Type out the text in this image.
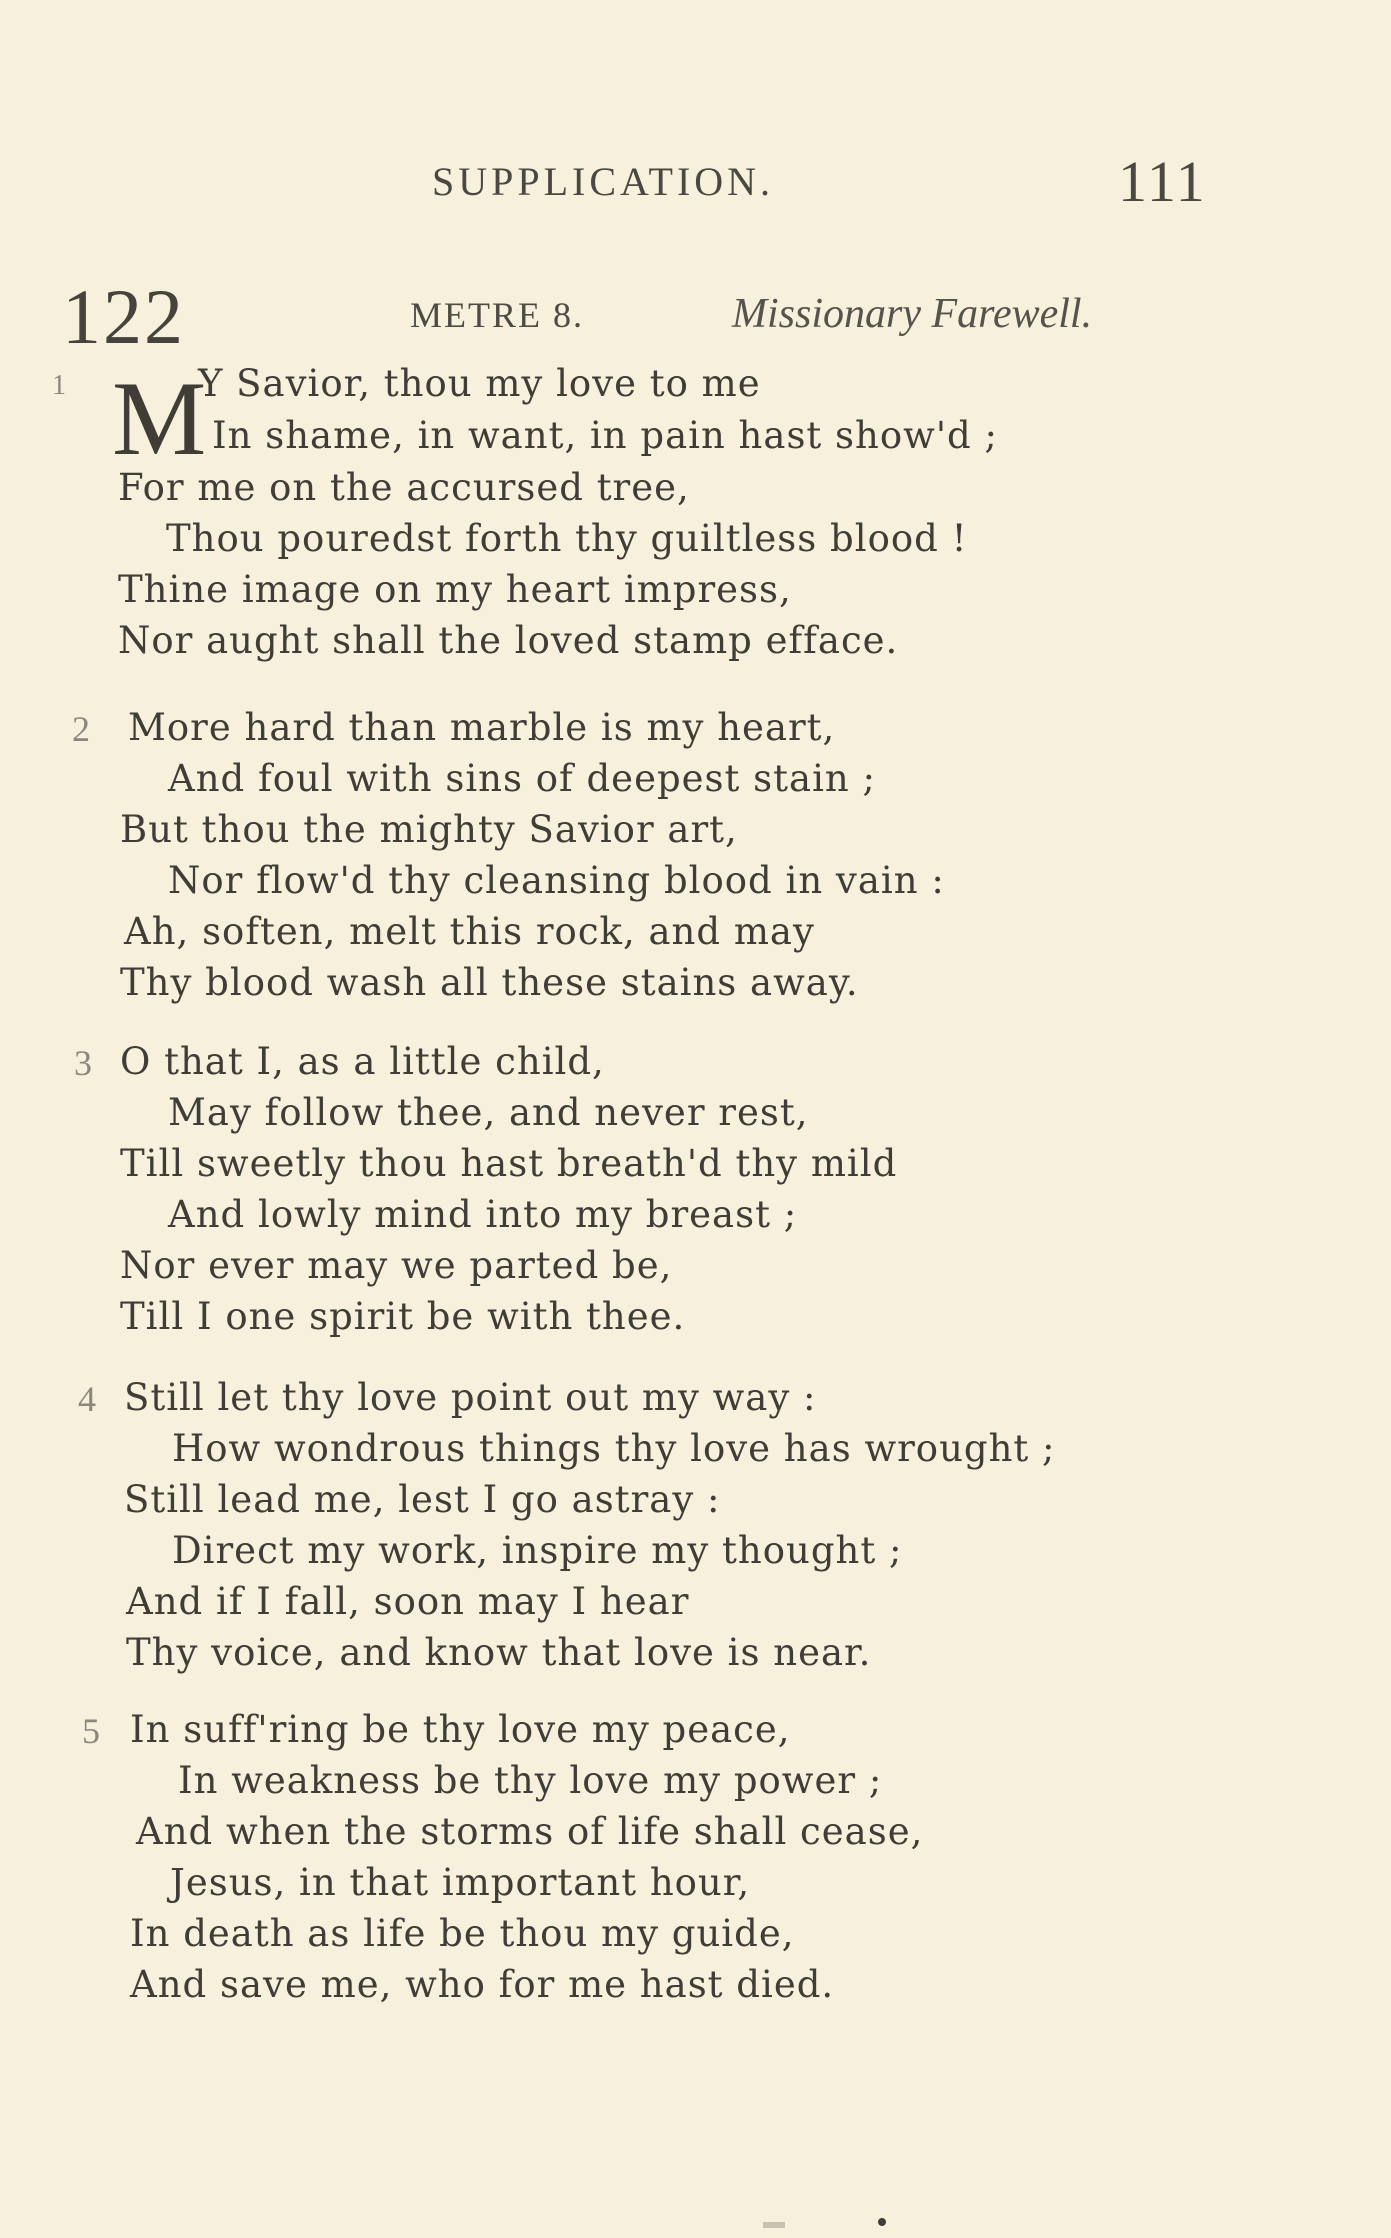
SUPPLICATION.	111
122	METRE 8.	Missionary Farewell.
1 M
Y Savior, thou my love to me
In shame, in want, in pain hast show'd ;
For me on the accursed tree,
Thou pouredst forth thy guiltless blood !
Thine image on my heart impress,
Nor aught shall the loved stamp efface.
2 More hard than marble is my heart,
And foul with sins of deepest stain ;
But thou the mighty Savior art,
Nor flow'd thy cleansing blood in vain :
Ah, soften, melt this rock, and may
Thy blood wash all these stains away.
3 O that I, as a little child,
May follow thee, and never rest,
Till sweetly thou hast breath'd thy mild
And lowly mind into my breast ;
Nor ever may we parted be,
Till I one spirit be with thee.
4 Still let thy love point out my way :
How wondrous things thy love has wrought ;
Still lead me, lest I go astray :
Direct my work, inspire my thought ;
And if I fall, soon may I hear
Thy voice, and know that love is near.
5 In suff'ring be thy love my peace,
In weakness be thy love my power ;
And when the storms of life shall cease,
Jesus, in that important hour,
In death as life be thou my guide,
And save me, who for me hast died.
